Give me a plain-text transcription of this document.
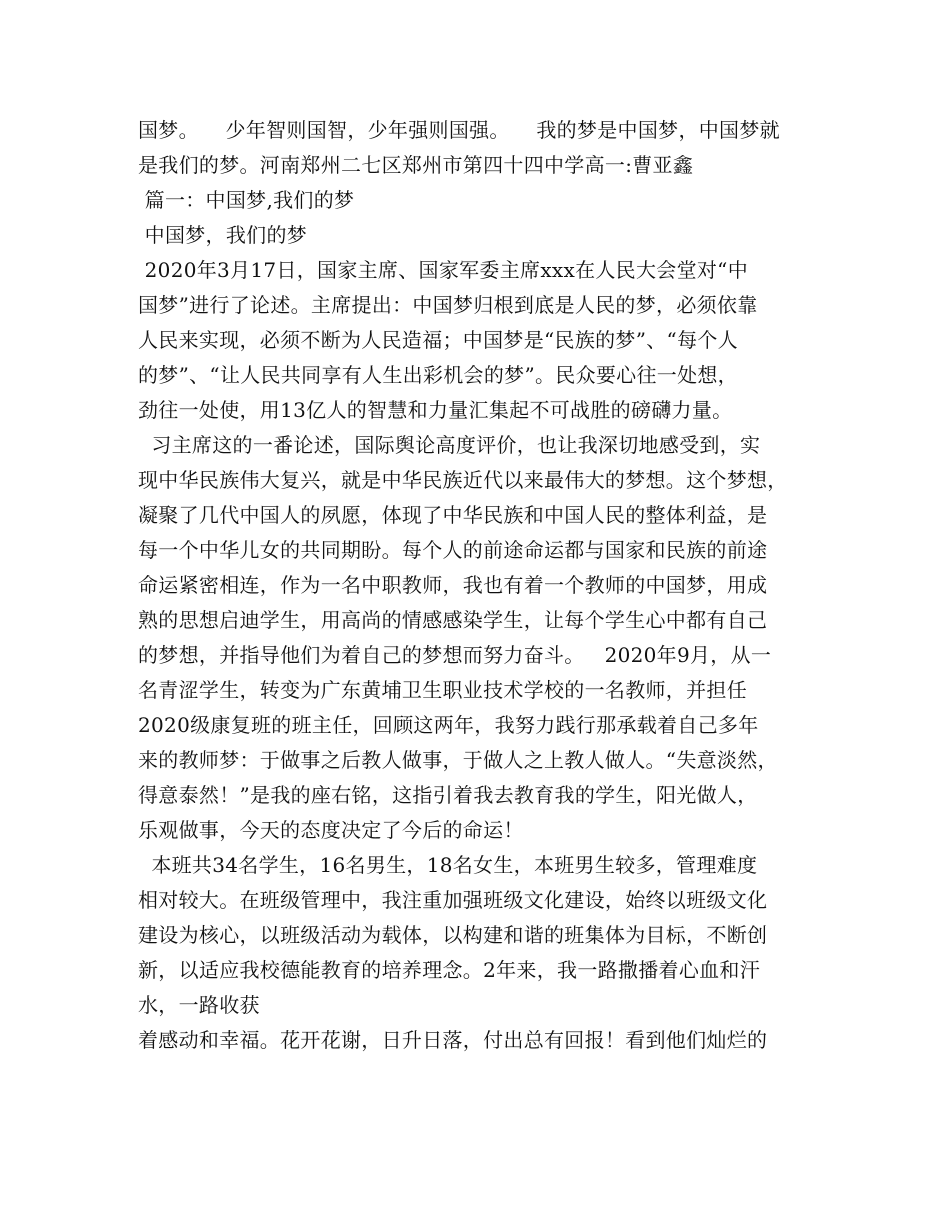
国梦。    少年智则国智，少年强则国强。    我的梦是中国梦，中国梦就
是我们的梦。河南郑州二七区郑州市第四十四中学高一:曹亚鑫
篇一：中国梦,我们的梦
中国梦，我们的梦
2020年3月17日，国家主席、国家军委主席xxx在人民大会堂对“中
国梦”进行了论述。主席提出：中国梦归根到底是人民的梦，必须依靠
人民来实现，必须不断为人民造福；中国梦是“民族的梦”、“每个人
的梦”、“让人民共同享有人生出彩机会的梦”。民众要心往一处想，
劲往一处使，用13亿人的智慧和力量汇集起不可战胜的磅礴力量。
习主席这的一番论述，国际舆论高度评价，也让我深切地感受到，实
现中华民族伟大复兴，就是中华民族近代以来最伟大的梦想。这个梦想，
凝聚了几代中国人的夙愿，体现了中华民族和中国人民的整体利益，是
每一个中华儿女的共同期盼。每个人的前途命运都与国家和民族的前途
命运紧密相连，作为一名中职教师，我也有着一个教师的中国梦，用成
熟的思想启迪学生，用高尚的情感感染学生，让每个学生心中都有自己
的梦想，并指导他们为着自己的梦想而努力奋斗。   2020年9月，从一
名青涩学生，转变为广东黄埔卫生职业技术学校的一名教师，并担任
2020级康复班的班主任，回顾这两年，我努力践行那承载着自己多年
来的教师梦：于做事之后教人做事，于做人之上教人做人。“失意淡然，
得意泰然！”是我的座右铭，这指引着我去教育我的学生，阳光做人，
乐观做事，今天的态度决定了今后的命运！
本班共34名学生，16名男生，18名女生，本班男生较多，管理难度
相对较大。在班级管理中，我注重加强班级文化建设，始终以班级文化
建设为核心，以班级活动为载体，以构建和谐的班集体为目标，不断创
新，以适应我校德能教育的培养理念。2年来，我一路撒播着心血和汗
水，一路收获
着感动和幸福。花开花谢，日升日落，付出总有回报！看到他们灿烂的
